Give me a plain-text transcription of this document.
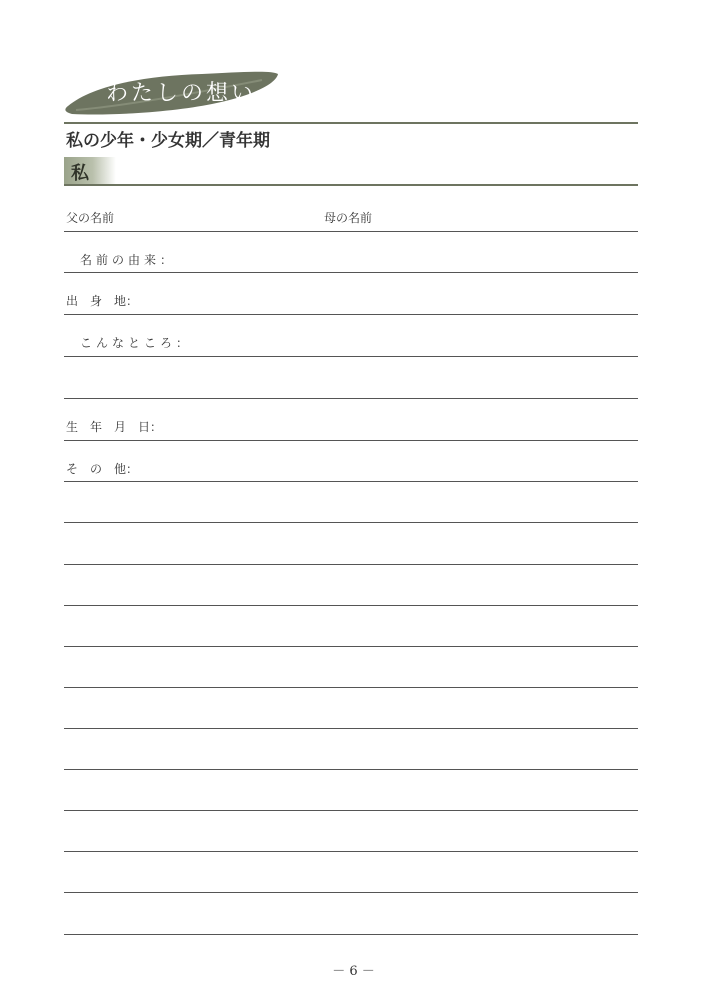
わたしの想い
私の少年・少女期／青年期
私
父の名前	母の名前
名前の由来：
出　身　地：
こんなところ：
生　年　月　日：
そ　の　他：
－ 6 －
